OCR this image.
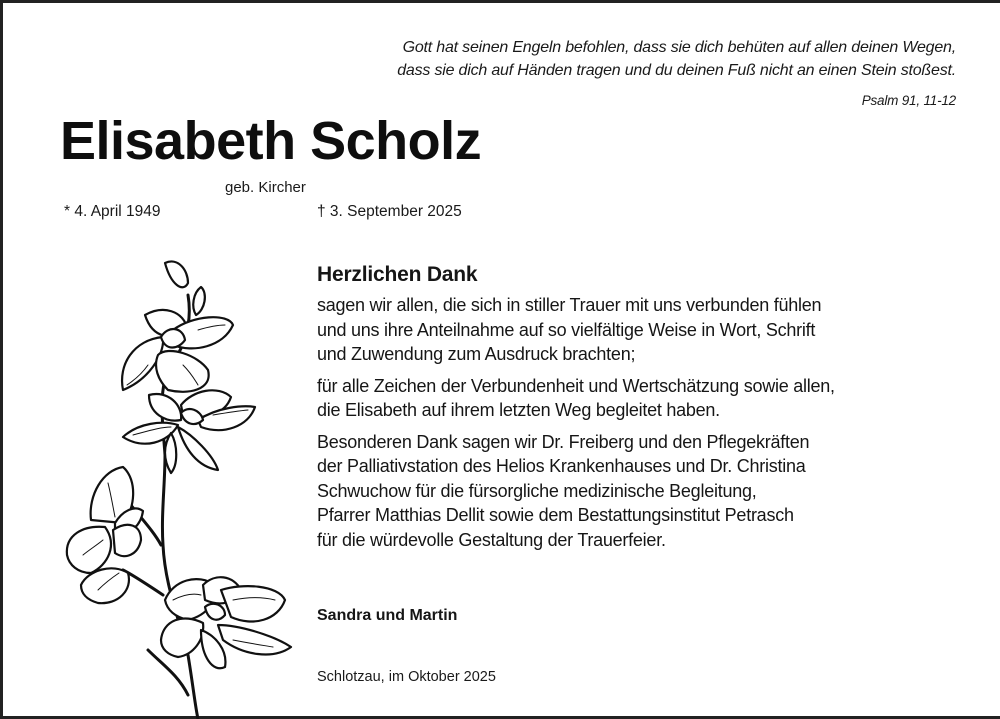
Gott hat seinen Engeln befohlen, dass sie dich behüten auf allen deinen Wegen,
dass sie dich auf Händen tragen und du deinen Fuß nicht an einen Stein stoßest.
Psalm 91, 11-12
Elisabeth Scholz
geb. Kircher
* 4. April 1949	† 3. September 2025
Herzlichen Dank
sagen wir allen, die sich in stiller Trauer mit uns verbunden fühlen
und uns ihre Anteilnahme auf so vielfältige Weise in Wort, Schrift
und Zuwendung zum Ausdruck brachten;
für alle Zeichen der Verbundenheit und Wertschätzung sowie allen,
die Elisabeth auf ihrem letzten Weg begleitet haben.
Besonderen Dank sagen wir Dr. Freiberg und den Pflegekräften
der Palliativstation des Helios Krankenhauses und Dr. Christina
Schwuchow für die fürsorgliche medizinische Begleitung,
Pfarrer Matthias Dellit sowie dem Bestattungsinstitut Petrasch
für die würdevolle Gestaltung der Trauerfeier.
Sandra und Martin
Schlotzau, im Oktober 2025
